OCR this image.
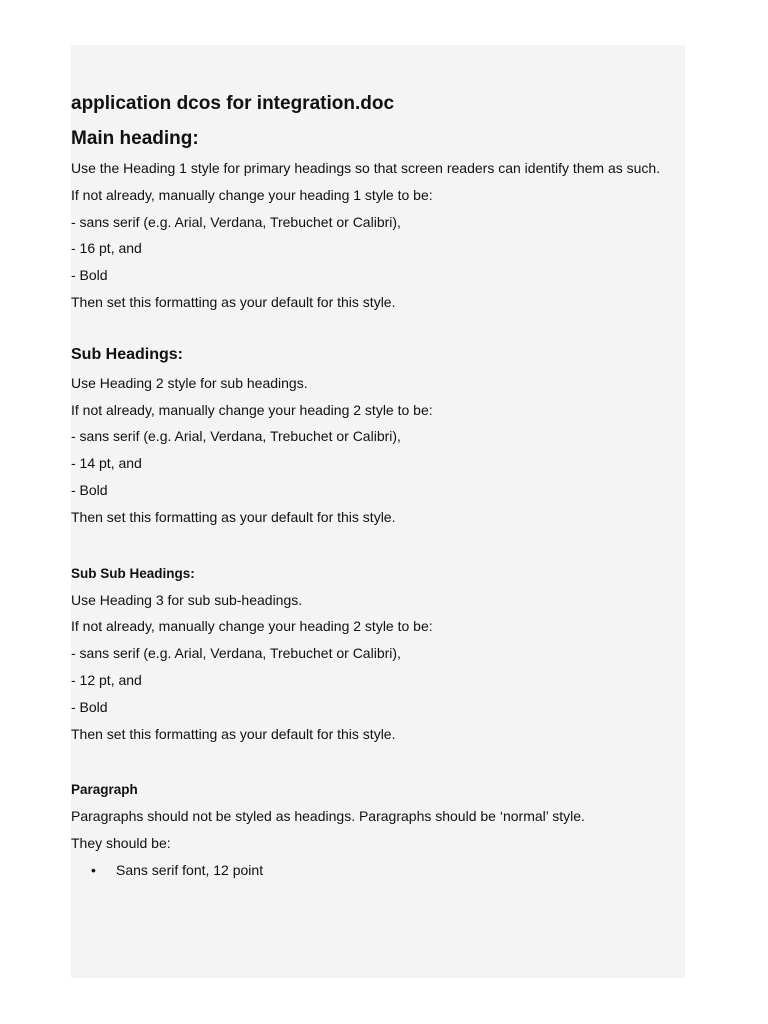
application dcos for integration.doc
Main heading:

Use the Heading 1 style for primary headings so that screen readers can identify them as such.

If not already, manually change your heading 1 style to be:

- sans serif (e.g. Arial, Verdana, Trebuchet or Calibri),

- 16 pt, and

- Bold

Then set this formatting as your default for this style.

Sub Headings:

Use Heading 2 style for sub headings.

If not already, manually change your heading 2 style to be:

- sans serif (e.g. Arial, Verdana, Trebuchet or Calibri),

- 14 pt, and

- Bold

Then set this formatting as your default for this style.

Sub Sub Headings:

Use Heading 3 for sub sub-headings.

If not already, manually change your heading 2 style to be:

- sans serif (e.g. Arial, Verdana, Trebuchet or Calibri),

- 12 pt, and

- Bold

Then set this formatting as your default for this style.

Paragraph

Paragraphs should not be styled as headings. Paragraphs should be ‘normal’ style.

They should be:

• Sans serif font, 12 point
